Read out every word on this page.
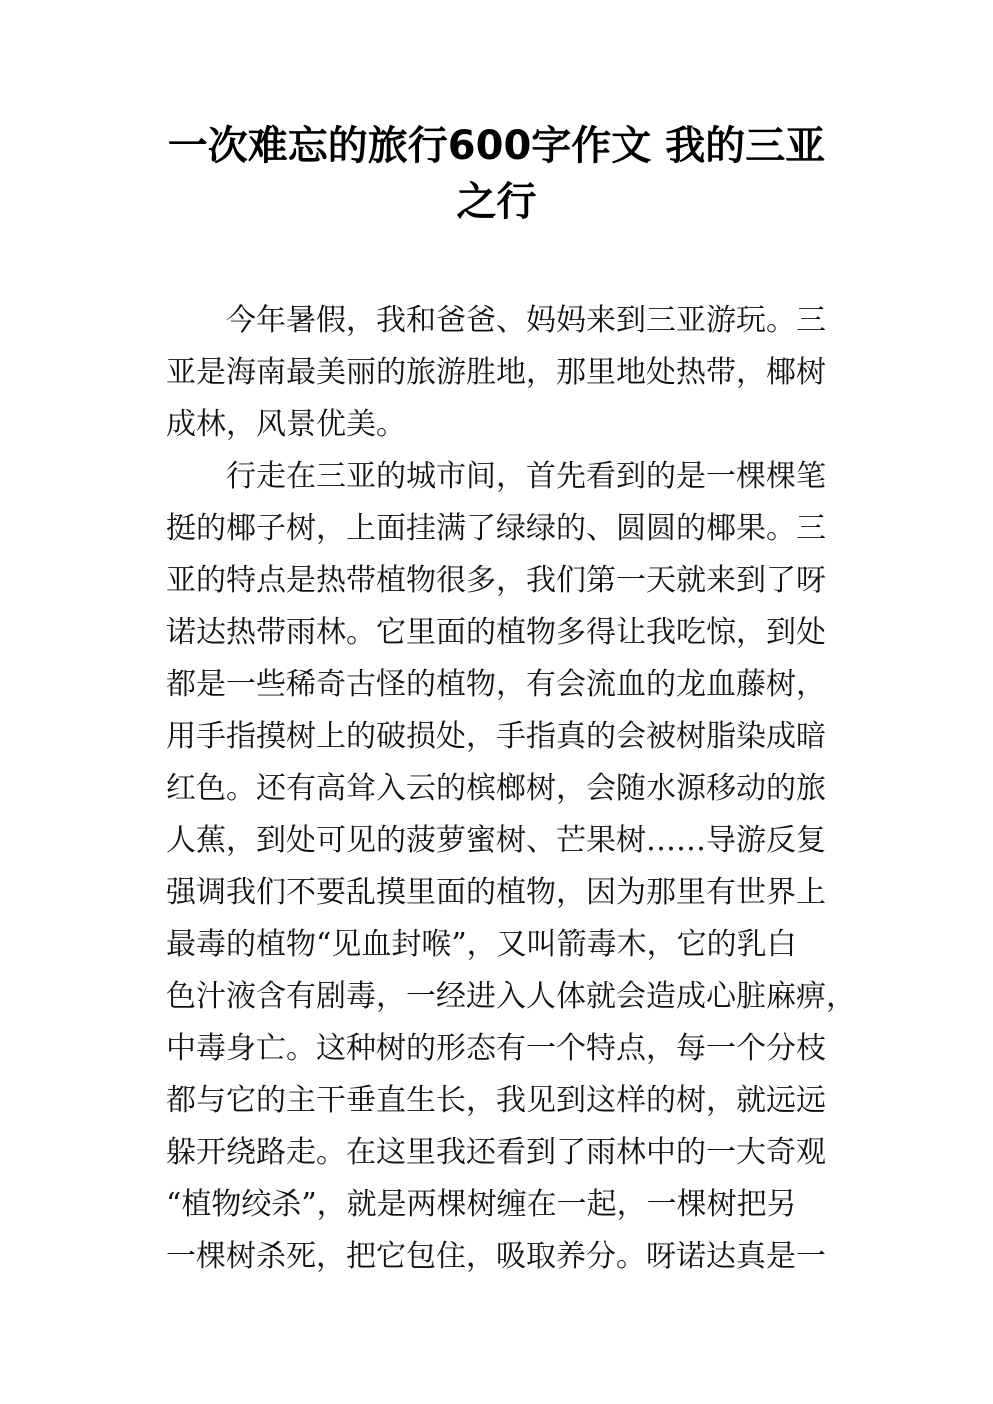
一次难忘的旅行600字作文 我的三亚
之行

今年暑假，我和爸爸、妈妈来到三亚游玩。三

亚是海南最美丽的旅游胜地，那里地处热带，椰树

成林，风景优美。

行走在三亚的城市间，首先看到的是一棵棵笔

挺的椰子树，上面挂满了绿绿的、圆圆的椰果。三

亚的特点是热带植物很多，我们第一天就来到了呀

诺达热带雨林。它里面的植物多得让我吃惊，到处

都是一些稀奇古怪的植物，有会流血的龙血藤树，

用手指摸树上的破损处，手指真的会被树脂染成暗

红色。还有高耸入云的槟榔树，会随水源移动的旅

人蕉，到处可见的菠萝蜜树、芒果树……导游反复

强调我们不要乱摸里面的植物，因为那里有世界上

最毒的植物“见血封喉”，又叫箭毒木，它的乳白

色汁液含有剧毒，一经进入人体就会造成心脏麻痹，

中毒身亡。这种树的形态有一个特点，每一个分枝

都与它的主干垂直生长，我见到这样的树，就远远

躲开绕路走。在这里我还看到了雨林中的一大奇观

“植物绞杀”，就是两棵树缠在一起，一棵树把另

一棵树杀死，把它包住，吸取养分。呀诺达真是一
